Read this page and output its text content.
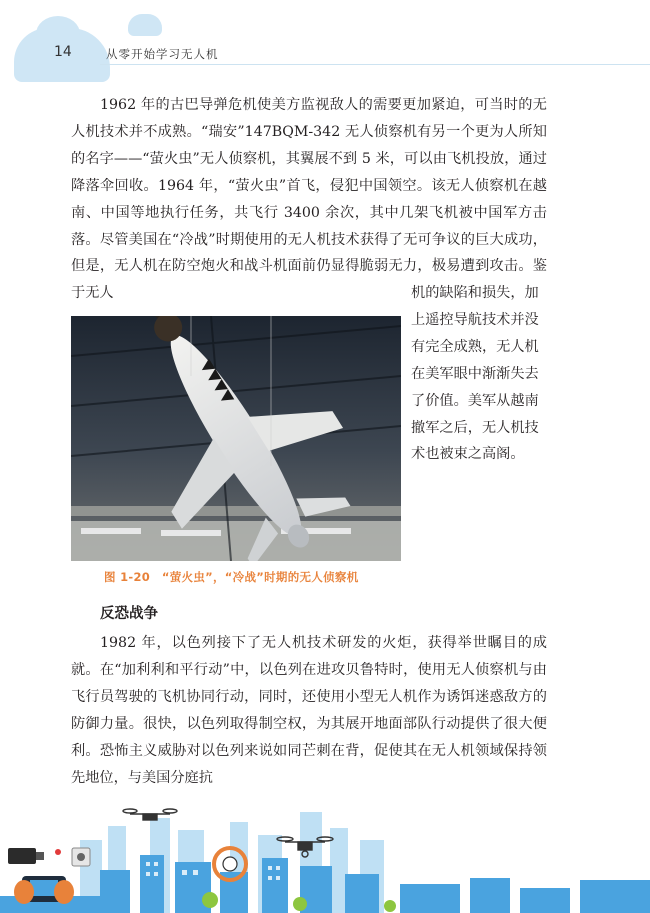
14	从零开始学习无人机
1962 年的古巴导弹危机使美方监视敌人的需要更加紧迫，可当时的无人机技术并不成熟。“瑞安”147BQM-342 无人侦察机有另一个更为人所知的名字——“萤火虫”无人侦察机，其翼展不到 5 米，可以由飞机投放，通过降落伞回收。1964 年，“萤火虫”首飞，侵犯中国领空。该无人侦察机在越南、中国等地执行任务，共飞行 3400 余次，其中几架飞机被中国军方击落。尽管美国在“冷战”时期使用的无人机技术获得了无可争议的巨大成功，但是，无人机在防空炮火和战斗机面前仍显得脆弱无力，极易遭到攻击。鉴于无人	机的缺陷和损失，加上遥控导航技术并没有完全成熟，无人机在美军眼中渐渐失去了价值。美军从越南撤军之后，无人机技术也被束之高阁。
图 1-20　“萤火虫”，“冷战”时期的无人侦察机
反恐战争
1982 年，以色列接下了无人机技术研发的火炬，获得举世瞩目的成就。在“加利利和平行动”中，以色列在进攻贝鲁特时，使用无人侦察机与由飞行员驾驶的飞机协同行动，同时，还使用小型无人机作为诱饵迷惑敌方的防御力量。很快，以色列取得制空权，为其展开地面部队行动提供了很大便利。恐怖主义威胁对以色列来说如同芒刺在背，促使其在无人机领域保持领先地位，与美国分庭抗
